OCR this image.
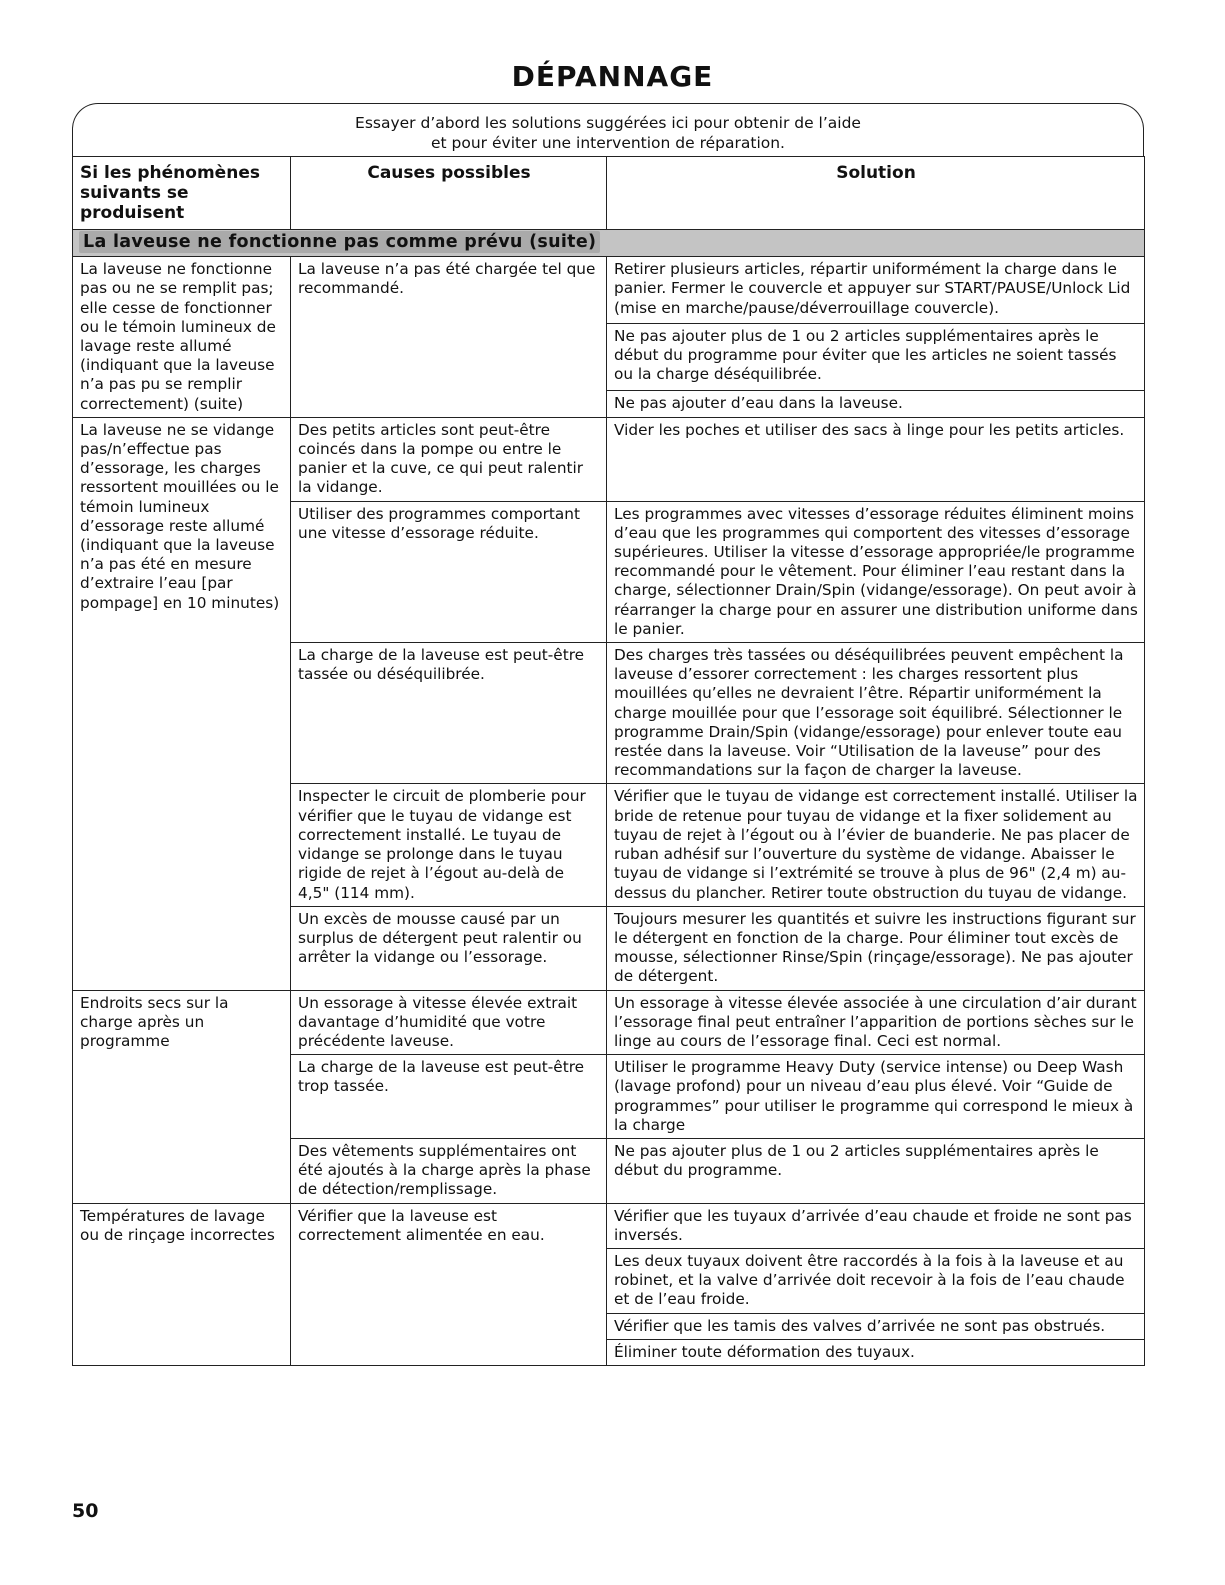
DÉPANNAGE
Essayer d’abord les solutions suggérées ici pour obtenir de l’aide
et pour éviter une intervention de réparation.
Si les phénomènes suivants se produisent	Causes possibles	Solution
La laveuse ne fonctionne pas comme prévu (suite)		
La laveuse ne fonctionne pas ou ne se remplit pas; elle cesse de fonctionner ou le témoin lumineux de lavage reste allumé (indiquant que la laveuse n’a pas pu se remplir correctement) (suite)	La laveuse n’a pas été chargée tel que recommandé.	Retirer plusieurs articles, répartir uniformément la charge dans le panier. Fermer le couvercle et appuyer sur START/PAUSE/Unlock Lid (mise en marche/pause/déverrouillage couvercle).
		Ne pas ajouter plus de 1 ou 2 articles supplémentaires après le début du programme pour éviter que les articles ne soient tassés ou la charge déséquilibrée.
		Ne pas ajouter d’eau dans la laveuse.
La laveuse ne se vidange pas/n’effectue pas d’essorage, les charges ressortent mouillées ou le témoin lumineux d’essorage reste allumé (indiquant que la laveuse n’a pas été en mesure d’extraire l’eau [par pompage] en 10 minutes)	Des petits articles sont peut-être coincés dans la pompe ou entre le panier et la cuve, ce qui peut ralentir la vidange.	Vider les poches et utiliser des sacs à linge pour les petits articles.
	Utiliser des programmes comportant une vitesse d’essorage réduite.	Les programmes avec vitesses d’essorage réduites éliminent moins d’eau que les programmes qui comportent des vitesses d’essorage supérieures. Utiliser la vitesse d’essorage appropriée/le programme recommandé pour le vêtement. Pour éliminer l’eau restant dans la charge, sélectionner Drain/Spin (vidange/essorage). On peut avoir à réarranger la charge pour en assurer une distribution uniforme dans le panier.
	La charge de la laveuse est peut-être tassée ou déséquilibrée.	Des charges très tassées ou déséquilibrées peuvent empêchent la laveuse d’essorer correctement : les charges ressortent plus mouillées qu’elles ne devraient l’être. Répartir uniformément la charge mouillée pour que l’essorage soit équilibré. Sélectionner le programme Drain/Spin (vidange/essorage) pour enlever toute eau restée dans la laveuse. Voir “Utilisation de la laveuse” pour des recommandations sur la façon de charger la laveuse.
	Inspecter le circuit de plomberie pour vérifier que le tuyau de vidange est correctement installé. Le tuyau de vidange se prolonge dans le tuyau rigide de rejet à l’égout au-delà de 4,5" (114 mm).	Vérifier que le tuyau de vidange est correctement installé. Utiliser la bride de retenue pour tuyau de vidange et la fixer solidement au tuyau de rejet à l’égout ou à l’évier de buanderie. Ne pas placer de ruban adhésif sur l’ouverture du système de vidange. Abaisser le tuyau de vidange si l’extrémité se trouve à plus de 96" (2,4 m) au-dessus du plancher. Retirer toute obstruction du tuyau de vidange.
	Un excès de mousse causé par un surplus de détergent peut ralentir ou arrêter la vidange ou l’essorage.	Toujours mesurer les quantités et suivre les instructions figurant sur le détergent en fonction de la charge. Pour éliminer tout excès de mousse, sélectionner Rinse/Spin (rinçage/essorage). Ne pas ajouter de détergent.
Endroits secs sur la charge après un programme	Un essorage à vitesse élevée extrait davantage d’humidité que votre précédente laveuse.	Un essorage à vitesse élevée associée à une circulation d’air durant l’essorage final peut entraîner l’apparition de portions sèches sur le linge au cours de l’essorage final. Ceci est normal.
	La charge de la laveuse est peut-être trop tassée.	Utiliser le programme Heavy Duty (service intense) ou Deep Wash (lavage profond) pour un niveau d’eau plus élevé. Voir “Guide de programmes” pour utiliser le programme qui correspond le mieux à la charge
	Des vêtements supplémentaires ont été ajoutés à la charge après la phase de détection/remplissage.	Ne pas ajouter plus de 1 ou 2 articles supplémentaires après le début du programme.
Températures de lavage ou de rinçage incorrectes	Vérifier que la laveuse est correctement alimentée en eau.	Vérifier que les tuyaux d’arrivée d’eau chaude et froide ne sont pas inversés.
		Les deux tuyaux doivent être raccordés à la fois à la laveuse et au robinet, et la valve d’arrivée doit recevoir à la fois de l’eau chaude et de l’eau froide.
		Vérifier que les tamis des valves d’arrivée ne sont pas obstrués.
		Éliminer toute déformation des tuyaux.
50
